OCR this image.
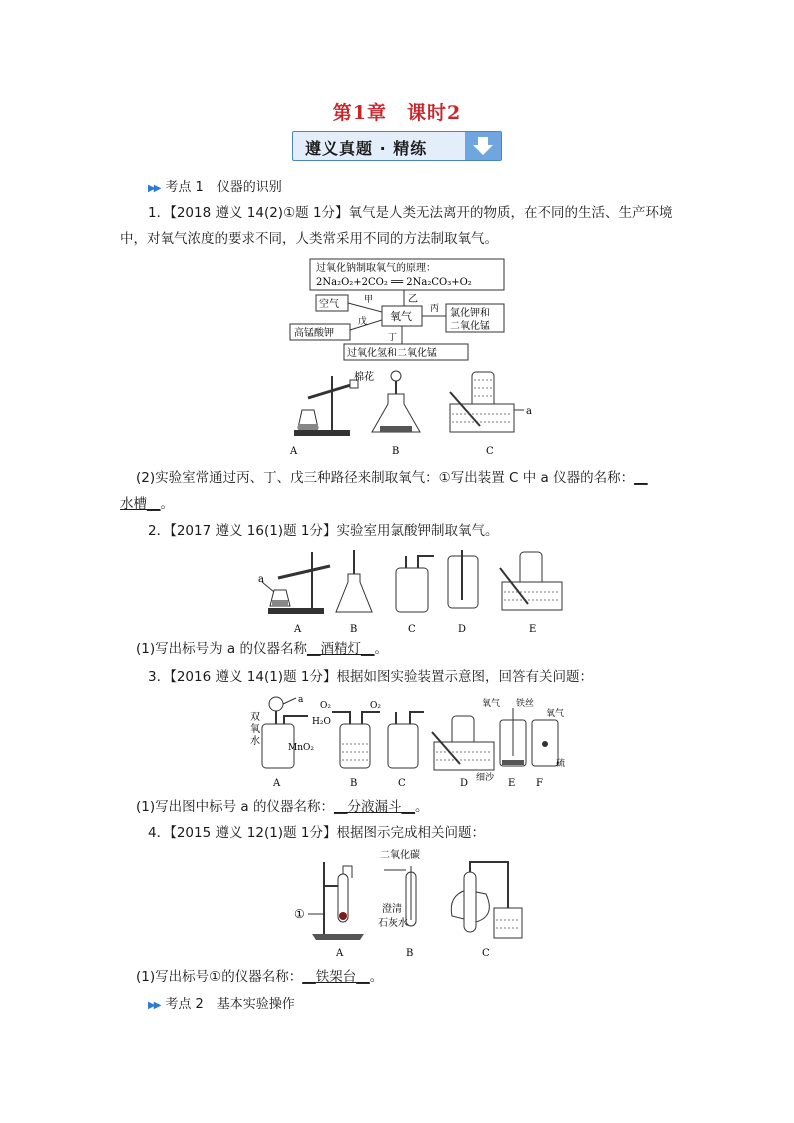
第1章　课时2
遵义真题 · 精练
▶▶ 考点 1　仪器的识别
1．【2018 遵义 14(2)①题 1分】氧气是人类无法离开的物质，在不同的生活、生产环境
中，对氧气浓度的要求不同，人类常采用不同的方法制取氧气。
过氧化钠制取氧气的原理：
2Na₂O₂+2CO₂ ══ 2Na₂CO₃+O₂
乙
氧气
空气	甲
高锰酸钾
戊
氯化钾和
二氧化锰
丙
过氧化氢和二氧化锰
丁
棉花
A	B
a
C
(2)实验室常通过丙、丁、戊三种路径来制取氧气：①写出装置 C 中 a 仪器的名称：__
水槽__。
2．【2017 遵义 16(1)题 1分】实验室用氯酸钾制取氧气。
a
A	B	C	D	E
(1)写出标号为 a 的仪器名称__酒精灯__。
3．【2016 遵义 14(1)题 1分】根据如图实验装置示意图，回答有关问题：
双
氧
水
a
MnO₂
A
O₂
H₂O
B
O₂
C	D
氧气 铁丝
细沙 E
氧气
硫
F
(1)写出图中标号 a 的仪器名称：__分液漏斗__。
4．【2015 遵义 12(1)题 1分】根据图示完成相关问题：
①
A
二氧化碳
澄清
石灰水
B	C
(1)写出标号①的仪器名称：__铁架台__。
▶▶ 考点 2　基本实验操作
